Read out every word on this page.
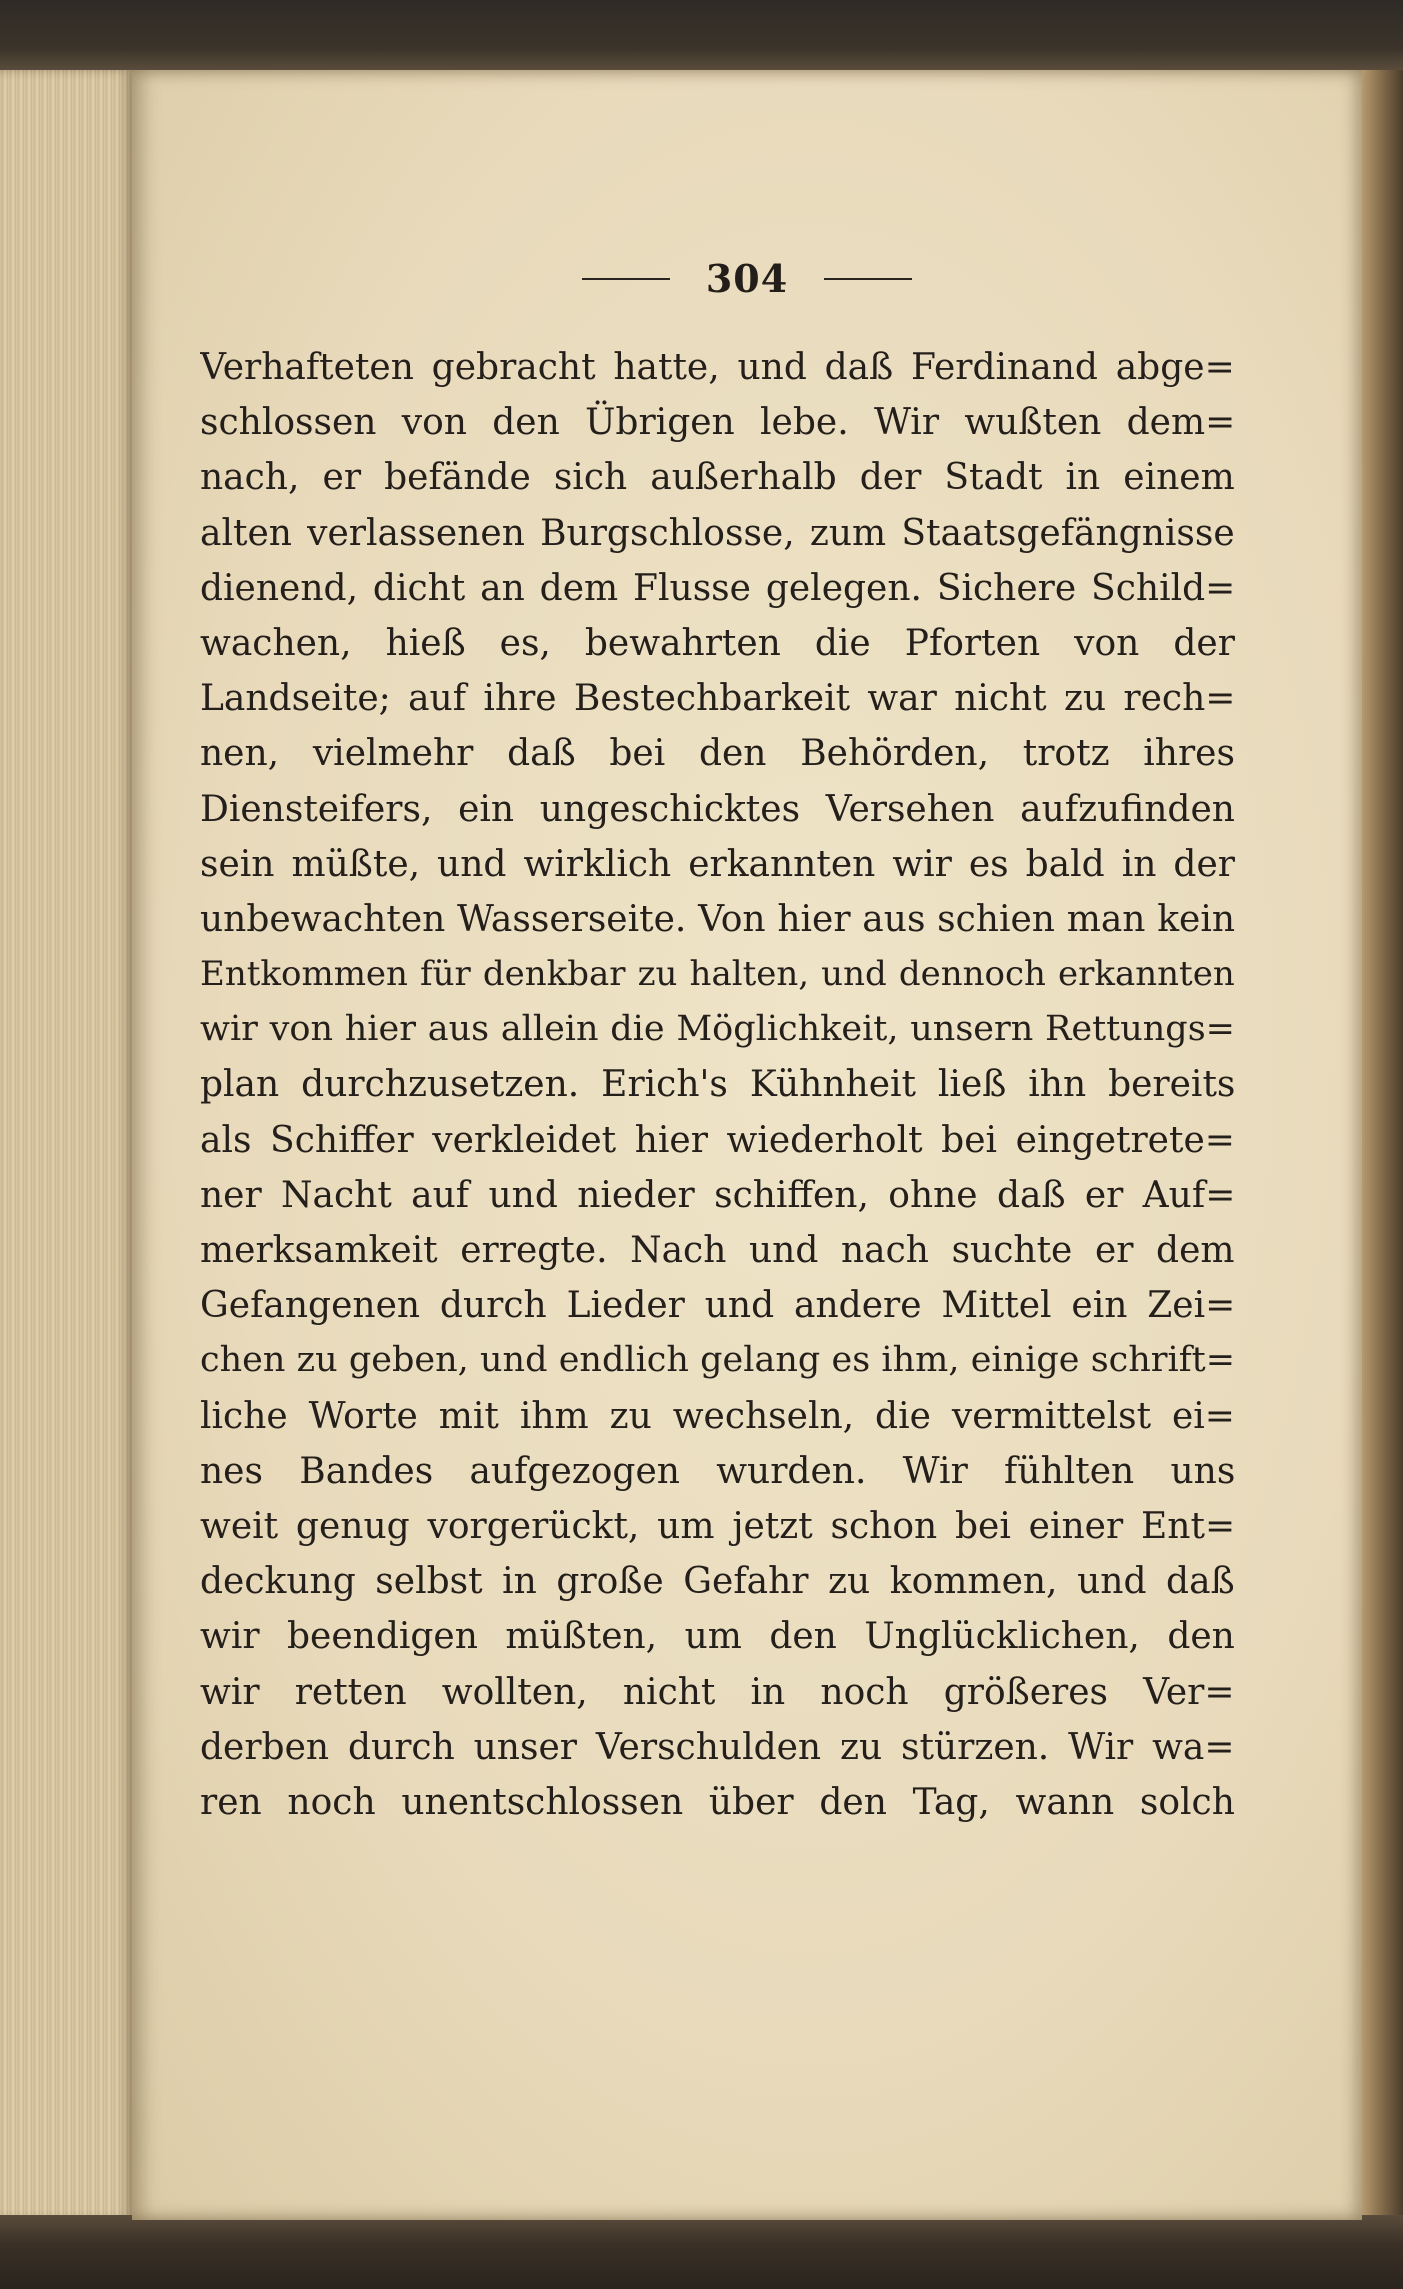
304
Verhafteten gebracht hatte, und daß Ferdinand abge=
schlossen von den Übrigen lebe. Wir wußten dem=
nach, er befände sich außerhalb der Stadt in einem
alten verlassenen Burgschlosse, zum Staatsgefängnisse
dienend, dicht an dem Flusse gelegen. Sichere Schild=
wachen, hieß es, bewahrten die Pforten von der
Landseite; auf ihre Bestechbarkeit war nicht zu rech=
nen, vielmehr daß bei den Behörden, trotz ihres
Diensteifers, ein ungeschicktes Versehen aufzufinden
sein müßte, und wirklich erkannten wir es bald in der
unbewachten Wasserseite. Von hier aus schien man kein
Entkommen für denkbar zu halten, und dennoch erkannten
wir von hier aus allein die Möglichkeit, unsern Rettungs=
plan durchzusetzen. Erich's Kühnheit ließ ihn bereits
als Schiffer verkleidet hier wiederholt bei eingetrete=
ner Nacht auf und nieder schiffen, ohne daß er Auf=
merksamkeit erregte. Nach und nach suchte er dem
Gefangenen durch Lieder und andere Mittel ein Zei=
chen zu geben, und endlich gelang es ihm, einige schrift=
liche Worte mit ihm zu wechseln, die vermittelst ei=
nes Bandes aufgezogen wurden. Wir fühlten uns
weit genug vorgerückt, um jetzt schon bei einer Ent=
deckung selbst in große Gefahr zu kommen, und daß
wir beendigen müßten, um den Unglücklichen, den
wir retten wollten, nicht in noch größeres Ver=
derben durch unser Verschulden zu stürzen. Wir wa=
ren noch unentschlossen über den Tag, wann solch
